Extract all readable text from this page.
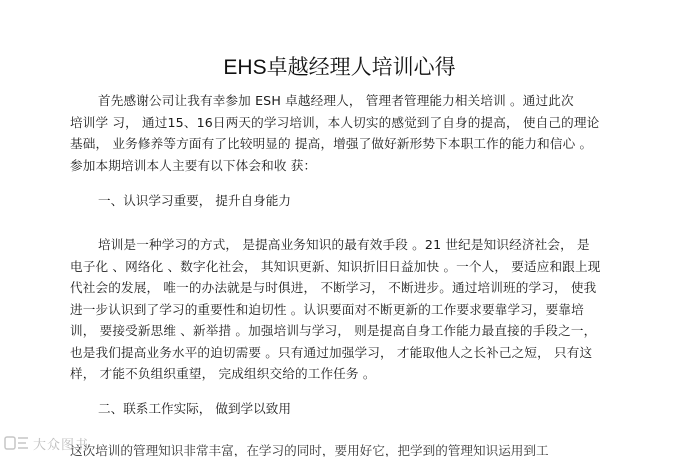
EHS卓越经理人培训心得

首先感谢公司让我有幸参加 ESH 卓越经理人， 管理者管理能力相关培训 。通过此次
培训学 习， 通过15、16日两天的学习培训，本人切实的感觉到了自身的提高， 使自己的理论
基础， 业务修养等方面有了比较明显的 提高，增强了做好新形势下本职工作的能力和信心 。
参加本期培训本人主要有以下体会和收 获：

一、认识学习重要， 提升自身能力

培训是一种学习的方式， 是提高业务知识的最有效手段 。21 世纪是知识经济社会， 是
电子化 、网络化 、数字化社会， 其知识更新、知识折旧日益加快 。一个人， 要适应和跟上现
代社会的发展， 唯一的办法就是与时俱进， 不断学习， 不断进步。通过培训班的学习， 使我
进一步认识到了学习的重要性和迫切性 。认识要面对不断更新的工作要求要靠学习，要靠培
训， 要接受新思维 、新举措 。加强培训与学习， 则是提高自身工作能力最直接的手段之一，
也是我们提高业务水平的迫切需要 。只有通过加强学习， 才能取他人之长补己之短， 只有这
样， 才能不负组织重望， 完成组织交给的工作任务 。

二、联系工作实际， 做到学以致用
这次培训的管理知识非常丰富，在学习的同时，要用好它，把学到的管理知识运用到工
大众图书
